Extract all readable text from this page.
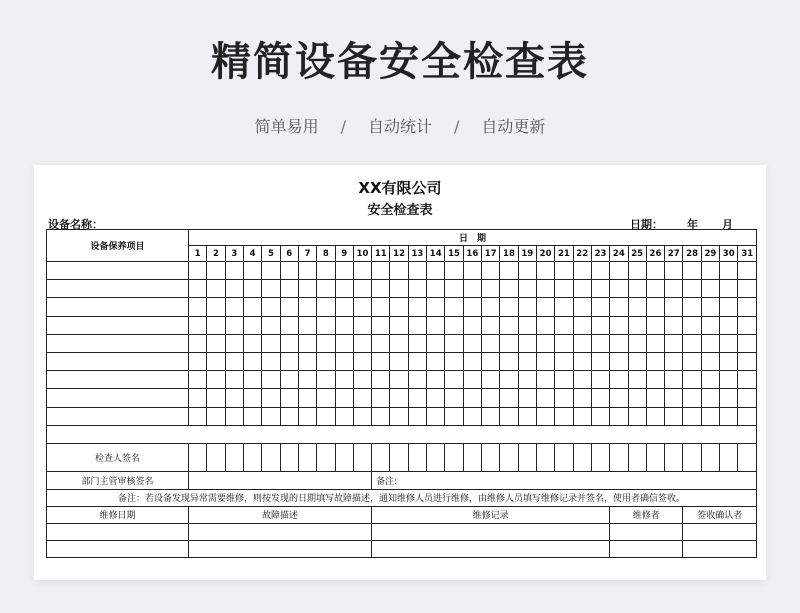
精简设备安全检查表
简单易用 / 自动统计 / 自动更新
XX有限公司
安全检查表
设备名称：	日期： 年 月
设备保养项目	日　期																														
	1	2	3	4	5	6	7	8	9	10	11	12	13	14	15	16	17	18	19	20	21	22	23	24	25	26	27	28	29	30	31

检查人签名																															
部门主管审核签名											备注:																				
备注：若设备发现异常需要维修，则按发现的日期填写故障描述，通知维修人员进行维修，由维修人员填写维修记录并签名，使用者确信签收。																															
维修日期	故障描述										维修记录													维修者				签收确认者			
